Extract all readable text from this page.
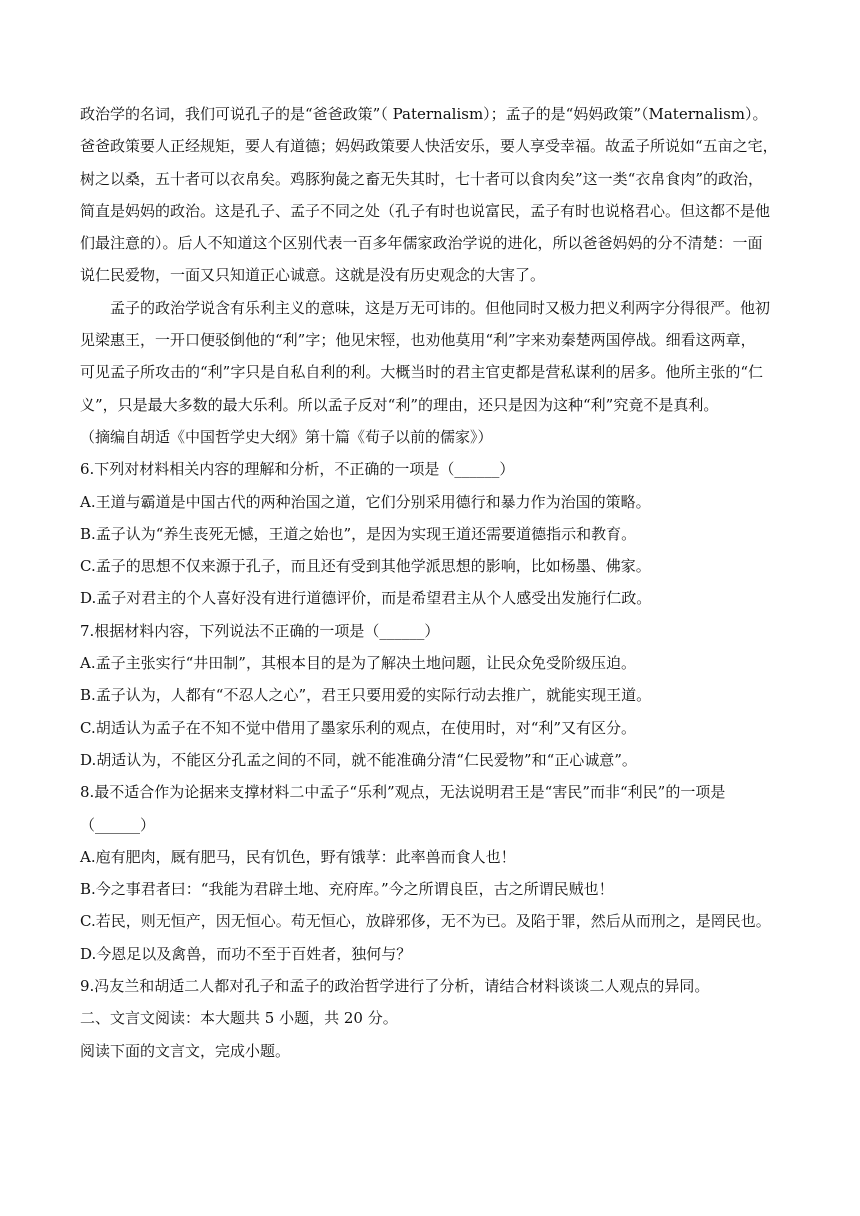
政治学的名词，我们可说孔子的是“爸爸政策”（ Paternalism）；孟子的是“妈妈政策”（Maternalism）。
爸爸政策要人正经规矩，要人有道德；妈妈政策要人快活安乐，要人享受幸福。故孟子所说如“五亩之宅，
树之以桑，五十者可以衣帛矣。鸡豚狗彘之畜无失其时，七十者可以食肉矣”这一类“衣帛食肉”的政治，
简直是妈妈的政治。这是孔子、孟子不同之处（孔子有时也说富民，孟子有时也说格君心。但这都不是他
们最注意的）。后人不知道这个区别代表一百多年儒家政治学说的进化，所以爸爸妈妈的分不清楚：一面
说仁民爱物，一面又只知道正心诚意。这就是没有历史观念的大害了。
孟子的政治学说含有乐利主义的意味，这是万无可讳的。但他同时又极力把义利两字分得很严。他初
见梁惠王，一开口便驳倒他的“利”字；他见宋牼，也劝他莫用“利”字来劝秦楚两国停战。细看这两章，
可见孟子所攻击的“利”字只是自私自利的利。大概当时的君主官吏都是营私谋利的居多。他所主张的“仁
义”，只是最大多数的最大乐利。所以孟子反对“利”的理由，还只是因为这种“利”究竟不是真利。
（摘编自胡适《中国哲学史大纲》第十篇《荀子以前的儒家》）
6.下列对材料相关内容的理解和分析，不正确的一项是（______）
A.王道与霸道是中国古代的两种治国之道，它们分别采用德行和暴力作为治国的策略。
B.孟子认为“养生丧死无憾，王道之始也”，是因为实现王道还需要道德指示和教育。
C.孟子的思想不仅来源于孔子，而且还有受到其他学派思想的影响，比如杨墨、佛家。
D.孟子对君主的个人喜好没有进行道德评价，而是希望君主从个人感受出发施行仁政。
7.根据材料内容，下列说法不正确的一项是（______）
A.孟子主张实行“井田制”，其根本目的是为了解决土地问题，让民众免受阶级压迫。
B.孟子认为，人都有“不忍人之心”，君王只要用爱的实际行动去推广，就能实现王道。
C.胡适认为孟子在不知不觉中借用了墨家乐利的观点，在使用时，对“利”又有区分。
D.胡适认为，不能区分孔孟之间的不同，就不能准确分清“仁民爱物”和“正心诚意”。
8.最不适合作为论据来支撑材料二中孟子“乐利”观点，无法说明君王是“害民”而非“利民”的一项是
（______）
A.庖有肥肉，厩有肥马，民有饥色，野有饿莩：此率兽而食人也！
B.今之事君者曰：“我能为君辟土地、充府库。”今之所谓良臣，古之所谓民贼也！
C.若民，则无恒产，因无恒心。苟无恒心，放辟邪侈，无不为已。及陷于罪，然后从而刑之，是罔民也。
D.今恩足以及禽兽，而功不至于百姓者，独何与？
9.冯友兰和胡适二人都对孔子和孟子的政治哲学进行了分析，请结合材料谈谈二人观点的异同。
二、文言文阅读：本大题共 5 小题，共 20 分。
阅读下面的文言文，完成小题。
